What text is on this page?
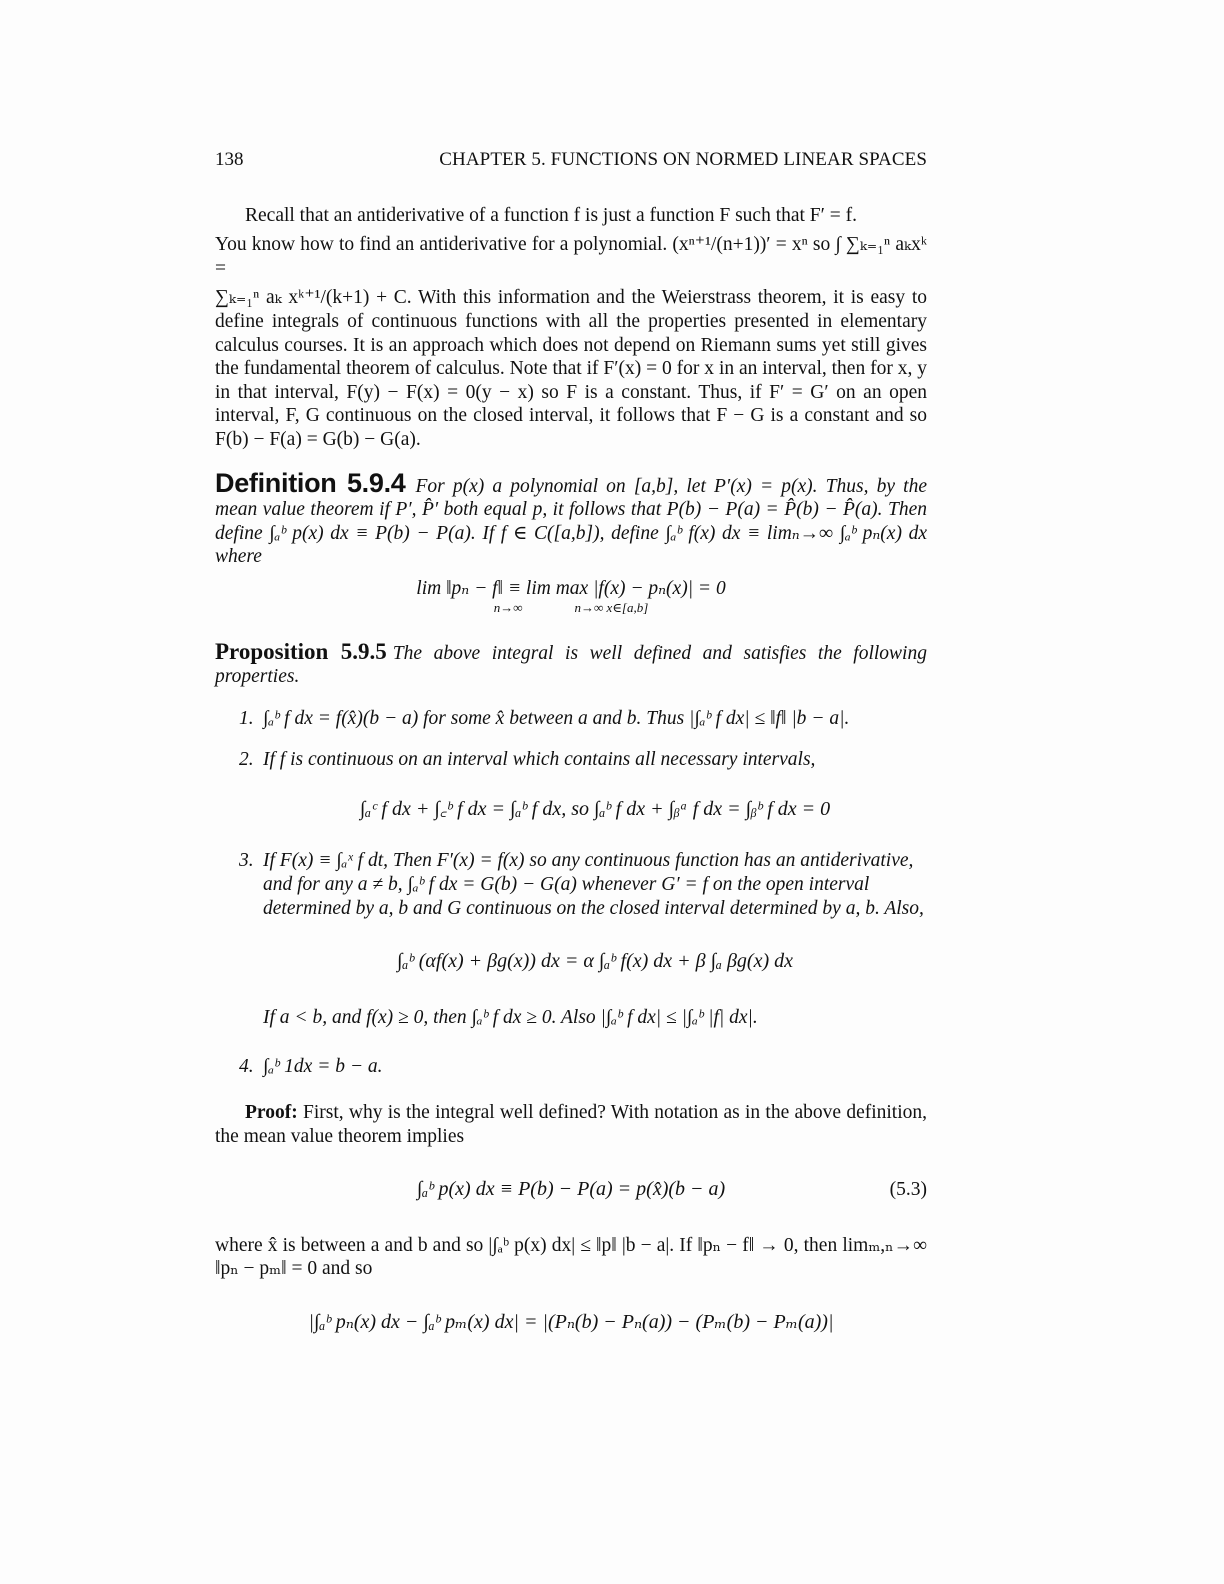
138	CHAPTER 5. FUNCTIONS ON NORMED LINEAR SPACES

Recall that an antiderivative of a function f is just a function F such that F′ = f.

You know how to find an antiderivative for a polynomial. (xⁿ⁺¹/(n+1))′ = xⁿ so ∫ ∑ₖ₌₁ⁿ aₖxᵏ =

∑ₖ₌₁ⁿ aₖ xᵏ⁺¹/(k+1) + C. With this information and the Weierstrass theorem, it is easy to define integrals of continuous functions with all the properties presented in elementary calculus courses. It is an approach which does not depend on Riemann sums yet still gives the fundamental theorem of calculus. Note that if F′(x) = 0 for x in an interval, then for x, y in that interval, F(y) − F(x) = 0(y − x) so F is a constant. Thus, if F′ = G′ on an open interval, F, G continuous on the closed interval, it follows that F − G is a constant and so F(b) − F(a) = G(b) − G(a).

Definition 5.9.4 For p(x) a polynomial on [a,b], let P′(x) = p(x). Thus, by the mean value theorem if P′, P̂′ both equal p, it follows that P(b) − P(a) = P̂(b) − P̂(a). Then define ∫ₐᵇ p(x) dx ≡ P(b) − P(a). If f ∈ C([a,b]), define ∫ₐᵇ f(x) dx ≡ limₙ→∞ ∫ₐᵇ pₙ(x) dx where

lim ‖pₙ − f‖ ≡ lim max |f(x) − pₙ(x)| = 0
n→∞                n→∞ x∈[a,b]

Proposition 5.9.5 The above integral is well defined and satisfies the following properties.

1. ∫ₐᵇ f dx = f(x̂)(b − a) for some x̂ between a and b. Thus |∫ₐᵇ f dx| ≤ ‖f‖ |b − a|.
2. If f is continuous on an interval which contains all necessary intervals,
∫ₐᶜ f dx + ∫꜀ᵇ f dx = ∫ₐᵇ f dx, so ∫ₐᵇ f dx + ∫ᵦᵃ f dx = ∫ᵦᵇ f dx = 0
3. If F(x) ≡ ∫ₐˣ f dt, Then F′(x) = f(x) so any continuous function has an antiderivative, and for any a ≠ b, ∫ₐᵇ f dx = G(b) − G(a) whenever G′ = f on the open interval determined by a, b and G continuous on the closed interval determined by a, b. Also,
∫ₐᵇ (αf(x) + βg(x)) dx = α ∫ₐᵇ f(x) dx + β ∫ₐ βg(x) dx
If a < b, and f(x) ≥ 0, then ∫ₐᵇ f dx ≥ 0. Also |∫ₐᵇ f dx| ≤ |∫ₐᵇ |f| dx|.
4. ∫ₐᵇ 1dx = b − a.

Proof: First, why is the integral well defined? With notation as in the above definition, the mean value theorem implies

∫ₐᵇ p(x) dx ≡ P(b) − P(a) = p(x̂)(b − a)	(5.3)

where x̂ is between a and b and so |∫ₐᵇ p(x) dx| ≤ ‖p‖ |b − a|. If ‖pₙ − f‖ → 0, then limₘ,ₙ→∞ ‖pₙ − pₘ‖ = 0 and so

|∫ₐᵇ pₙ(x) dx − ∫ₐᵇ pₘ(x) dx| = |(Pₙ(b) − Pₙ(a)) − (Pₘ(b) − Pₘ(a))|
